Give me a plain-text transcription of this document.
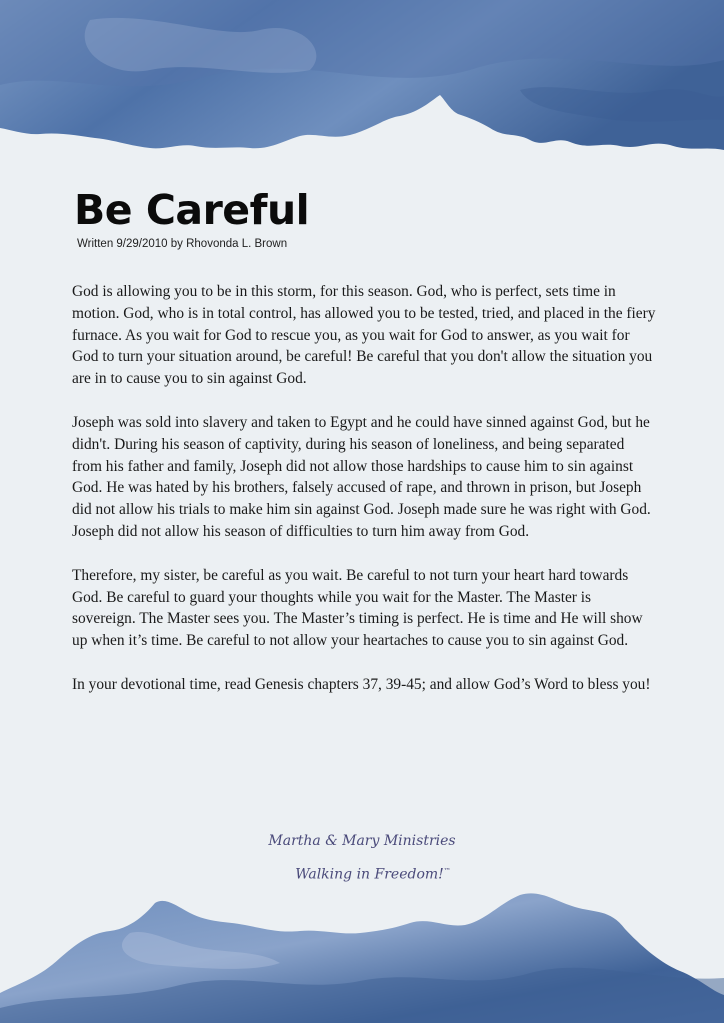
Be Careful
Written 9/29/2010 by Rhovonda L. Brown

God is allowing you to be in this storm, for this season. God, who is perfect, sets time in motion. God, who is in total control, has allowed you to be tested, tried, and placed in the fiery furnace. As you wait for God to rescue you, as you wait for God to answer, as you wait for God to turn your situation around, be careful! Be careful that you don't allow the situation you are in to cause you to sin against God.

Joseph was sold into slavery and taken to Egypt and he could have sinned against God, but he didn't. During his season of captivity, during his season of loneliness, and being separated from his father and family, Joseph did not allow those hardships to cause him to sin against God. He was hated by his brothers, falsely accused of rape, and thrown in prison, but Joseph did not allow his trials to make him sin against God. Joseph made sure he was right with God. Joseph did not allow his season of difficulties to turn him away from God.

Therefore, my sister, be careful as you wait. Be careful to not turn your heart hard towards God. Be careful to guard your thoughts while you wait for the Master. The Master is sovereign. The Master sees you. The Master’s timing is perfect. He is time and He will show up when it’s time. Be careful to not allow your heartaches to cause you to sin against God.

In your devotional time, read Genesis chapters 37, 39-45; and allow God’s Word to bless you!

Martha & Mary Ministries
Walking in Freedom!™
